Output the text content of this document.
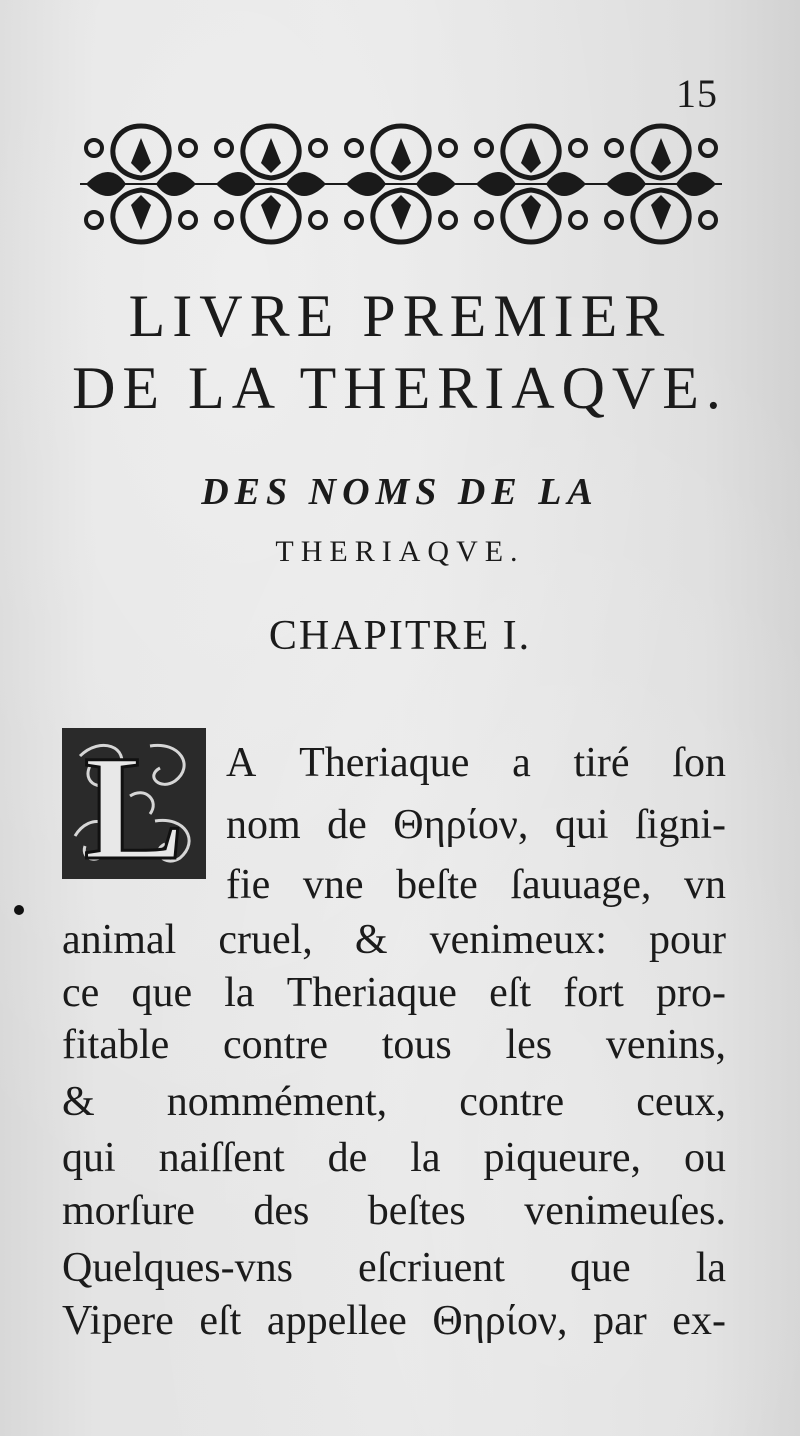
15
LIVRE PREMIER
DE LA THERIAQVE.
DES NOMS DE LA
THERIAQVE.
CHAPITRE I.
L A Theriaque a tiré ſon
nom de Θηρίον, qui ſigni-
fie vne beſte ſauuage, vn
animal cruel, & venimeux: pour
ce que la Theriaque eſt fort pro-
fitable contre tous les venins,
& nommément, contre ceux,
qui naiſſent de la piqueure, ou
morſure des beſtes venimeuſes.
Quelques-vns eſcriuent que la
Vipere eſt appellee Θηρίον, par ex-
